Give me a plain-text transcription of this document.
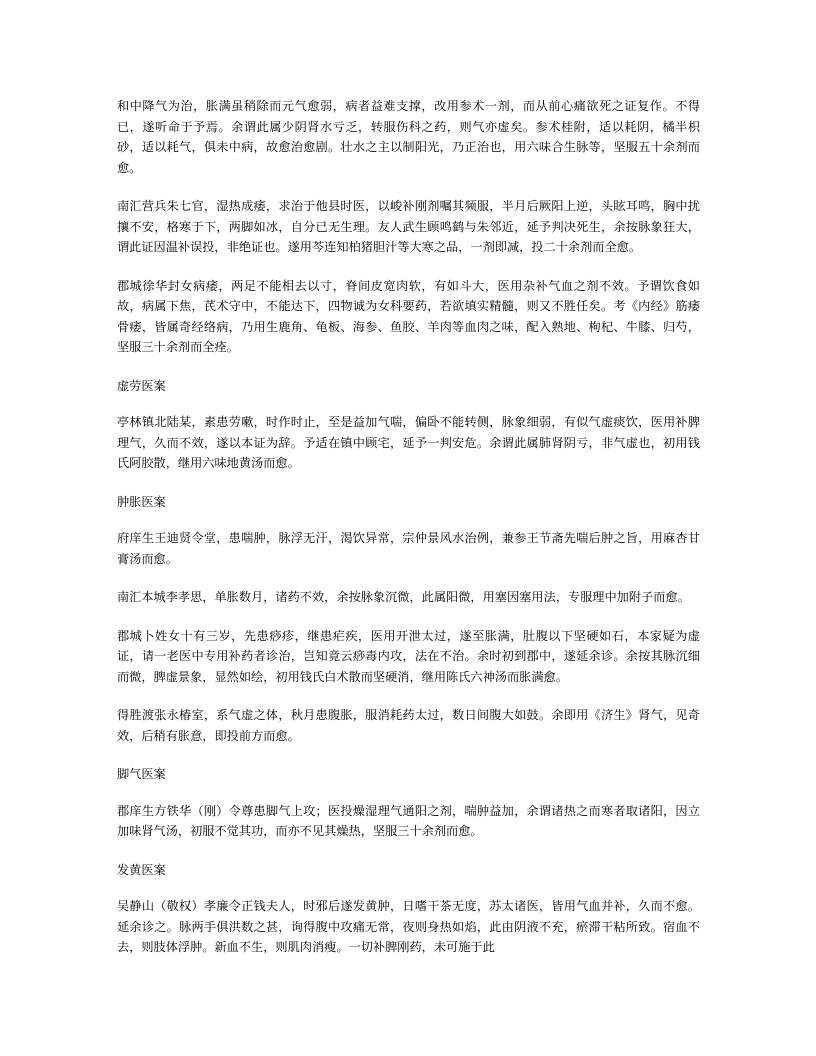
和中降气为治，胀满虽稍除而元气愈弱，病者益难支撑，改用参术一剂，而从前心痛欲死之证复作。不得已，遂听命于予焉。余谓此属少阴肾水亏乏，转服伤科之药，则气亦虚矣。参术桂附，适以耗阴，橘半枳砂，适以耗气，俱未中病，故愈治愈剧。壮水之主以制阳光，乃正治也，用六味合生脉等，坚服五十余剂而愈。

南汇营兵朱七官，湿热成痿，求治于他县时医，以峻补刚剂嘱其频服，半月后厥阳上逆，头眩耳鸣，胸中扰攘不安，格寒于下，两脚如冰，自分已无生理。友人武生顾鸣鹤与朱邻近，延予判决死生，余按脉象狂大，谓此证因温补误投，非绝证也。遂用芩连知柏猪胆汁等大寒之品，一剂即减，投二十余剂而全愈。

郡城徐华封女病痿，两足不能相去以寸，脊间皮宽肉软，有如斗大，医用杂补气血之剂不效。予谓饮食如故，病属下焦，芪术守中，不能达下，四物诚为女科要药，若欲填实精髓，则又不胜任矣。考《内经》筋痿骨痿，皆属奇经络病，乃用生鹿角、龟板、海参、鱼胶、羊肉等血肉之味，配入熟地、枸杞、牛膝、归芍，坚服三十余剂而全痊。

虚劳医案

亭林镇北陆某，素患劳嗽，时作时止，至是益加气喘，偏卧不能转侧，脉象细弱，有似气虚痰饮，医用补脾理气，久而不效，遂以本证为辞。予适在镇中顾宅，延予一判安危。余谓此属肺肾阴亏，非气虚也，初用钱氏阿胶散，继用六味地黄汤而愈。

肿胀医案

府庠生王迪贤令堂，患喘肿，脉浮无汗，渴饮异常，宗仲景风水治例，兼参王节斋先喘后肿之旨，用麻杏甘膏汤而愈。

南汇本城李孝思，单胀数月，诸药不效，余按脉象沉微，此属阳微，用塞因塞用法，专服理中加附子而愈。

郡城卜姓女十有三岁，先患痧疹，继患疟疾，医用开泄太过，遂至胀满，肚腹以下坚硬如石，本家疑为虚证，请一老医中专用补药者诊治，岂知竟云痧毒内攻，法在不治。余时初到郡中，遂延余诊。余按其脉沉细而微，脾虚景象，显然如绘，初用钱氏白术散而坚硬消，继用陈氏六神汤而胀满愈。

得胜渡张永椿室，系气虚之体，秋月患腹胀，服消耗药太过，数日间腹大如鼓。余即用《济生》肾气，见奇效，后稍有胀意，即投前方而愈。

脚气医案

郡庠生方铁华（刚）令尊患脚气上攻；医投燥湿理气通阳之剂，喘肿益加，余谓诸热之而寒者取诸阳，因立加味肾气汤，初服不觉其功，而亦不见其燥热，坚服三十余剂而愈。

发黄医案

吴静山（敬权）孝廉令正钱夫人，时邪后遂发黄肿，日嗜干茶无度，苏太诸医，皆用气血并补，久而不愈。延余诊之。脉两手俱洪数之甚，询得腹中攻痛无常，夜则身热如焰，此由阴液不充，瘀滞干粘所致。宿血不去，则肢体浮肿。新血不生，则肌肉消瘦。一切补脾刚药，未可施于此
